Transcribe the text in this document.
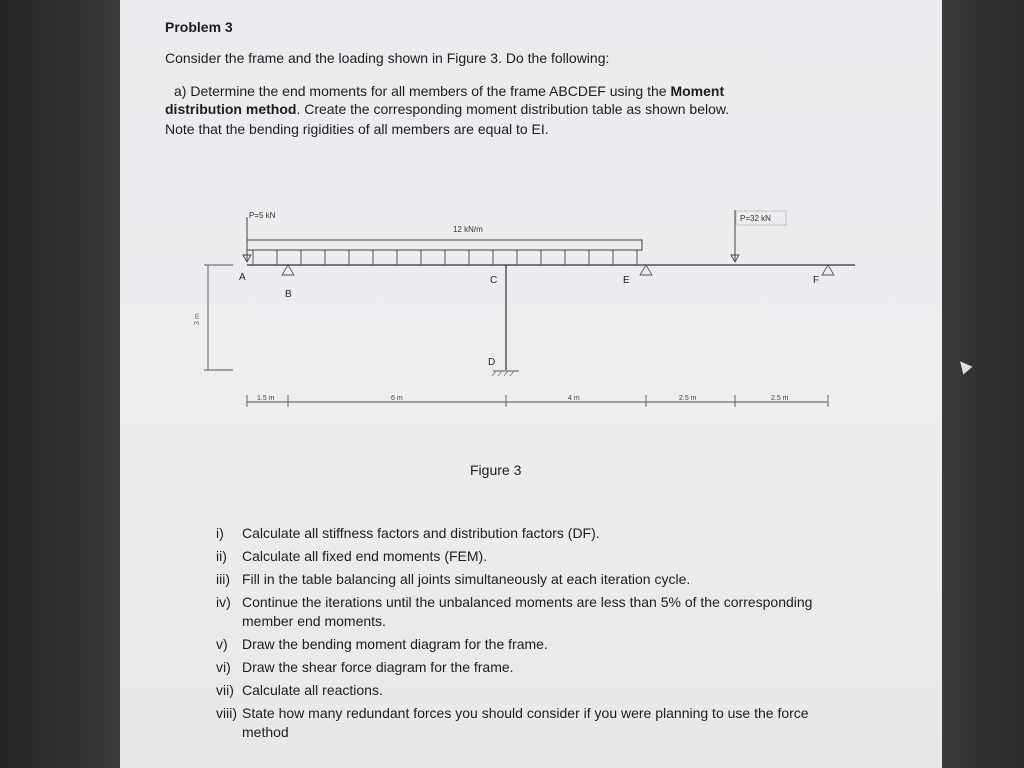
Problem 3
Consider the frame and the loading shown in Figure 3. Do the following:
a) Determine the end moments for all members of the frame ABCDEF using the Moment
distribution method. Create the corresponding moment distribution table as shown below.
Note that the bending rigidities of all members are equal to EI.
12 kN/m
P=5 kN	P=32 kN
A
B
C
D
E	F
3 m
1.5 m	6 m	4 m	2.5 m	2.5 m
Figure 3
i)	Calculate all stiffness factors and distribution factors (DF).
ii)	Calculate all fixed end moments (FEM).
iii) Fill in the table balancing all joints simultaneously at each iteration cycle.
iv) Continue the iterations until the unbalanced moments are less than 5% of the corresponding member end moments.
v)	Draw the bending moment diagram for the frame.
vi) Draw the shear force diagram for the frame.
vii) Calculate all reactions.
viii) State how many redundant forces you should consider if you were planning to use the force method
